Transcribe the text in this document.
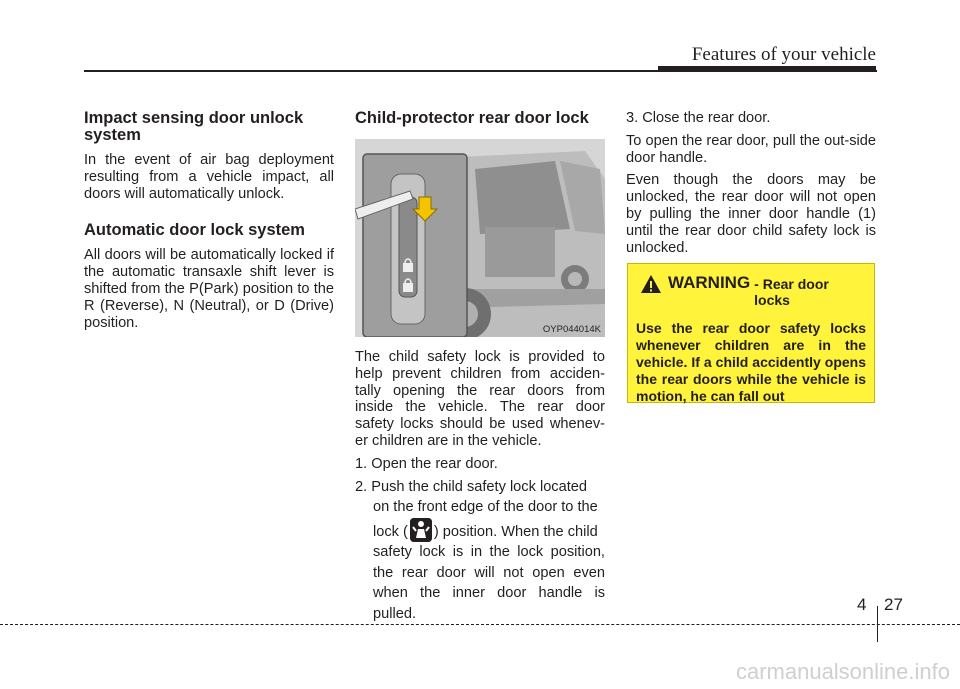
Features of your vehicle
Impact sensing door unlock system

In the event of air bag deployment resulting from a vehicle impact, all doors will automatically unlock.

Automatic door lock system

All doors will be automatically locked if the automatic transaxle shift lever is shifted from the P(Park) position to the R (Reverse), N (Neutral), or D (Drive) position.

Child-protector rear door lock
OYP044014K

The child safety lock is provided to help prevent children from acciden-tally opening the rear doors from inside the vehicle. The rear door safety locks should be used whenev-er children are in the vehicle.

1. Open the rear door.

2. Push the child safety lock located
on the front edge of the door to the
lock ( ) position. When the child
safety lock is in the lock position, the rear door will not open even when the inner door handle is pulled.

3. Close the rear door.

To open the rear door, pull the out-side door handle.

Even though the doors may be unlocked, the rear door will not open by pulling the inner door handle (1) until the rear door child safety lock is unlocked.

WARNING - Rear door locks
Use the rear door safety locks whenever children are in the vehicle. If a child accidently opens the rear doors while the vehicle is motion, he can fall out
4 27
carmanualsonline.info
